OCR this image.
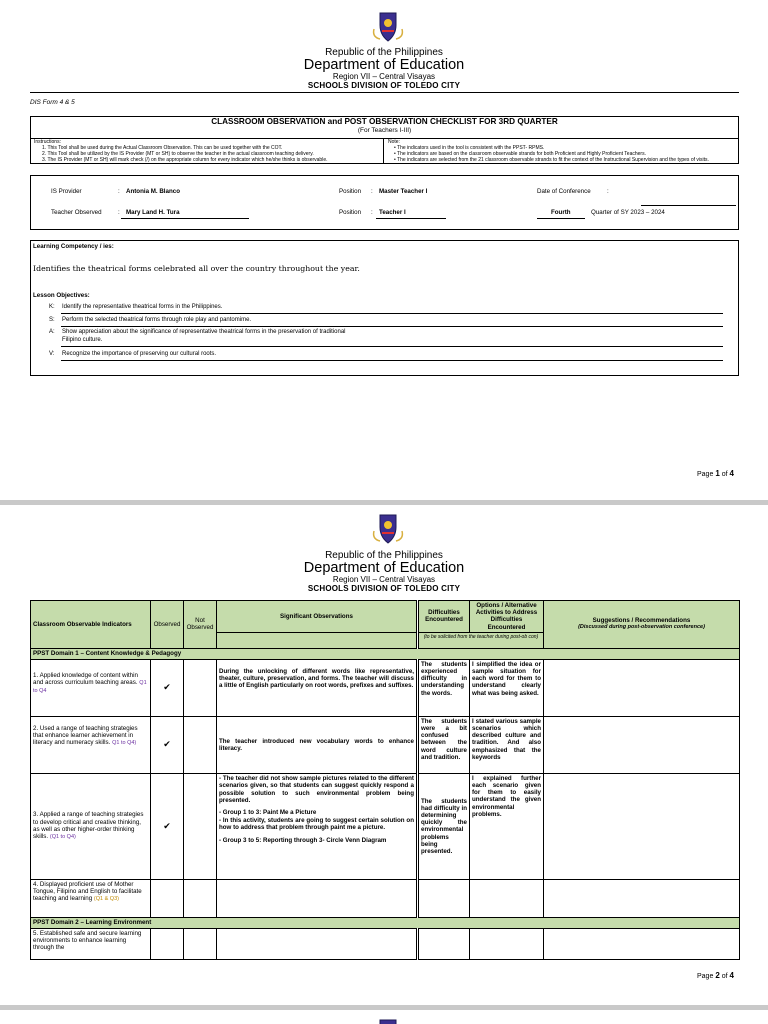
Republic of the Philippines
Department of Education
Region VII – Central Visayas
SCHOOLS DIVISION OF TOLEDO CITY
DIS Form 4 & 5
CLASSROOM OBSERVATION and POST OBSERVATION CHECKLIST FOR 3RD QUARTER
(For Teachers I-III)
Instructions:
1. This Tool shall be used during the Actual Classroom Observation. This can be used together with the COT.
2. This Tool shall be utilized by the IS Provider (MT or SH) to observe the teacher in the actual classroom teaching delivery.
3. The IS Provider (MT or SH) will mark check (/) on the appropriate column for every indicator which he/she thinks is observable.
Note:
• The indicators used in the tool is consistent with the PPST- RPMS.
• The indicators are based on the classroom observable strands for both Proficient and Highly Proficient Teachers.
• The indicators are selected from the 21 classroom observable strands to fit the context of the Instructional Supervision and the types of visits.
IS Provider	: Antonia M. Blanco	Position : Master Teacher I	Date of Conference	:
Teacher Observed	: Mary Land H. Tura	Position : Teacher I	Fourth	Quarter of SY 2023 – 2024
Learning Competency / ies:
Identifies the theatrical forms celebrated all over the country throughout the year.
Lesson Objectives:
K: Identify the representative theatrical forms in the Philippines.
S: Perform the selected theatrical forms through role play and pantomime.
A: Show appreciation about the significance of representative theatrical forms in the preservation of traditional
Filipino culture.
V: Recognize the importance of preserving our cultural roots.
Page 1 of 4
Republic of the Philippines
Department of Education
Region VII – Central Visayas
SCHOOLS DIVISION OF TOLEDO CITY
Page 2 of 4
Classroom Observable Indicators	Observed	Not Observed	Significant Observations	Difficulties Encountered	Options / Alternative Activities to Address Difficulties Encountered	Suggestions / Recommendations
(Discussed during post-observation conference)

				(to be solicited from the teacher during post-ob con)		
PPST Domain 1 – Content Knowledge & Pedagogy						
1. Applied knowledge of content within and across curriculum teaching areas. Q1 to Q4	✔		During the unlocking of different words like representative, theater, culture, preservation, and forms. The teacher will discuss a little of English particularly on root words, prefixes and suffixes.	The students experienced difficulty in understanding the words.	I simplified the idea or sample situation for each word for them to understand clearly what was being asked.	
2. Used a range of teaching strategies that enhance learner achievement in literacy and numeracy skills. Q1 to Q4)	✔		The teacher introduced new vocabulary words to enhance literacy.	The students were a bit confused between the word culture and tradition.	I stated various sample scenarios which described culture and tradition. And also emphasized that the keywords	
3. Applied a range of teaching strategies to develop critical and creative thinking, as well as other higher-order thinking skills. (Q1 to Q4)	✔		- The teacher did not show sample pictures related to the different scenarios given, so that students can suggest quickly respond a possible solution to such environmental problem being presented.
- Group 1 to 3: Paint Me a Picture
- In this activity, students are going to suggest certain solution on how to address that problem through paint me a picture.
- Group 3 to 5: Reporting through 3- Circle Venn Diagram	The students had difficulty in determining quickly the environmental problems being presented.	I explained further each scenario given for them to easily understand the given environmental problems.	
4. Displayed proficient use of Mother Tongue, Filipino and English to facilitate teaching and learning (Q1 & Q3)						
PPST Domain 2 – Learning Environment						
5. Established safe and secure learning environments to enhance learning through the						
